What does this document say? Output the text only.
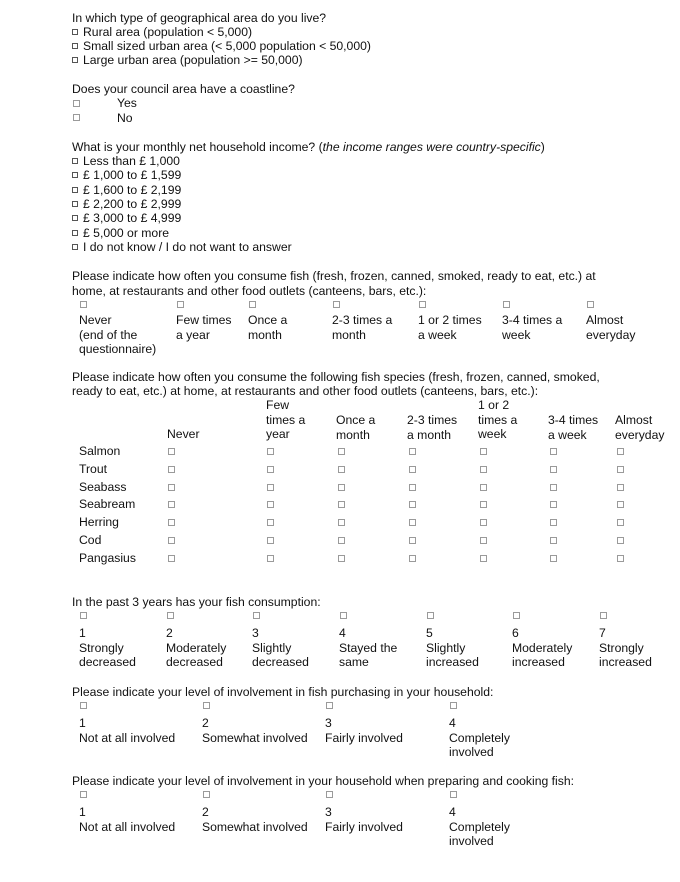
In which type of geographical area do you live?
Rural area (population < 5,000)
Small sized urban area (< 5,000 population < 50,000)
Large urban area (population >= 50,000)
Does your council area have a coastline?
Yes
No
What is your monthly net household income? (the income ranges were country-specific)
Less than £ 1,000
£ 1,000 to £ 1,599
£ 1,600 to £ 2,199
£ 2,200 to £ 2,999
£ 3,000 to £ 4,999
£ 5,000 or more
I do not know / I do not want to answer
Please indicate how often you consume fish (fresh, frozen, canned, smoked, ready to eat, etc.) at
home, at restaurants and other food outlets (canteens, bars, etc.):
Never
(end of the
questionnaire)
Few times
a year
Once a
month
2-3 times a
month
1 or 2 times
a week
3-4 times a
week
Almost
everyday
Please indicate how often you consume the following fish species (fresh, frozen, canned, smoked,
ready to eat, etc.) at home, at restaurants and other food outlets (canteens, bars, etc.):
Never
Few
times a
year
Once a
month
2-3 times
a month
1 or 2
times a
week
3-4 times
a week
Almost
everyday
Salmon
Trout
Seabass
Seabream
Herring
Cod
Pangasius
In the past 3 years has your fish consumption:
1
Strongly
decreased
2
Moderately
decreased
3
Slightly
decreased
4
Stayed the
same
5
Slightly
increased
6
Moderately
increased
7
Strongly
increased
Please indicate your level of involvement in fish purchasing in your household:
1
Not at all involved
2
Somewhat involved
3
Fairly involved
4
Completely
involved
Please indicate your level of involvement in your household when preparing and cooking fish:
1
Not at all involved
2
Somewhat involved
3
Fairly involved
4
Completely
involved
